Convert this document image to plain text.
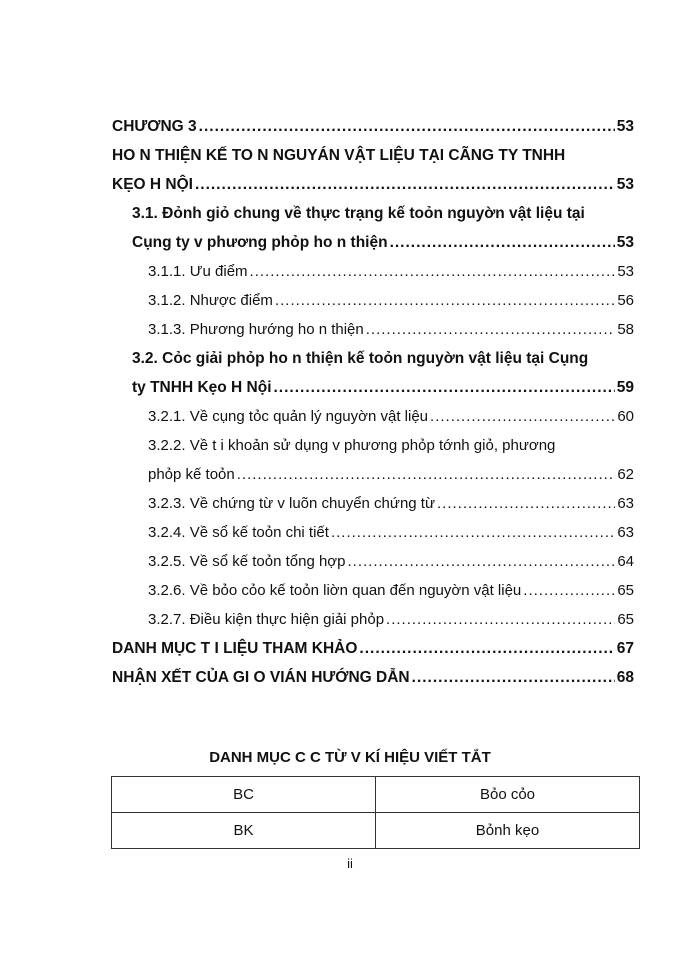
CHƯƠNG 3 .....	53
HO N THIỆN KẾ TO N NGUYÁN VẬT LIỆU TẠI CÃNG TY TNHH
KẸO H NỘI .....	53
3.1. Đỏnh giỏ chung về thực trạng kế toỏn nguyờn vật liệu tại
Cụng ty v phương phỏp ho n thiện .....	53
3.1.1. Ưu điểm .....	53
3.1.2. Nhược điểm .....	56
3.1.3. Phương hướng ho n thiện .....	58
3.2. Cỏc giải phỏp ho n thiện kế toỏn nguyờn vật liệu tại Cụng
ty TNHH Kẹo H Nội .....	59
3.2.1. Về cụng tỏc quản lý nguyờn vật liệu .....	60
3.2.2. Về t i khoản sử dụng v phương phỏp tớnh giỏ, phương
phỏp kế toỏn .....	62
3.2.3. Về chứng từ v luõn chuyển chứng từ .....	63
3.2.4. Về sổ kế toỏn chi tiết .....	63
3.2.5. Về sổ kế toỏn tổng hợp .....	64
3.2.6. Về bỏo cỏo kế toỏn liờn quan đến nguyờn vật liệu .....	65
3.2.7. Điều kiện thực hiện giải phỏp .....	65
DANH MỤC T I LIỆU THAM KHẢO .....	67
NHẬN XẾT CỦA GI O VIÁN HƯỚNG DẪN .....	68
DANH MỤC C C TỪ V KÍ HIỆU VIẾT TẮT
BC	Bỏo cỏo
BK	Bỏnh kẹo
ii
